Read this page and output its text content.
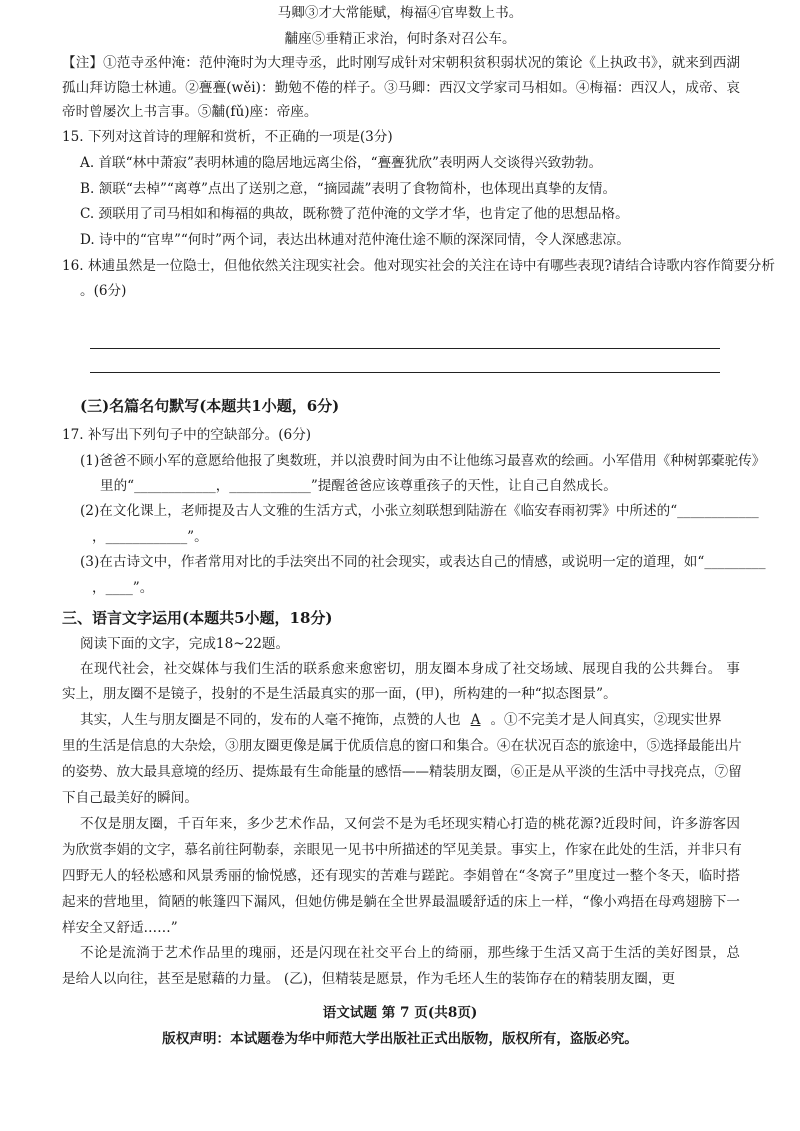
马卿③才大常能赋，梅福④官卑数上书。
黼座⑤垂精正求治，何时条对召公车。
【注】①范寺丞仲淹：范仲淹时为大理寺丞，此时刚写成针对宋朝积贫积弱状况的策论《上执政书》，就来到西湖
孤山拜访隐士林逋。②亹亹(wěi)：勤勉不倦的样子。③马卿：西汉文学家司马相如。④梅福：西汉人，成帝、哀
帝时曾屡次上书言事。⑤黼(fǔ)座：帝座。
15. 下列对这首诗的理解和赏析，不正确的一项是(3分)
A. 首联“林中萧寂”表明林逋的隐居地远离尘俗，“亹亹犹欣”表明两人交谈得兴致勃勃。
B. 颔联“去棹”“离尊”点出了送别之意，“摘园蔬”表明了食物简朴，也体现出真挚的友情。
C. 颈联用了司马相如和梅福的典故，既称赞了范仲淹的文学才华，也肯定了他的思想品格。
D. 诗中的“官卑”“何时”两个词，表达出林逋对范仲淹仕途不顺的深深同情，令人深感悲凉。
16. 林逋虽然是一位隐士，但他依然关注现实社会。他对现实社会的关注在诗中有哪些表现?请结合诗歌内容作简要分析
。(6分)
(三)名篇名句默写(本题共1小题，6分)
17. 补写出下列句子中的空缺部分。(6分)
(1)爸爸不顾小军的意愿给他报了奥数班，并以浪费时间为由不让他练习最喜欢的绘画。小军借用《种树郭橐驼传》
里的“____________，____________”提醒爸爸应该尊重孩子的天性，让自己自然成长。
(2)在文化课上，老师提及古人文雅的生活方式，小张立刻联想到陆游在《临安春雨初霁》中所述的“____________
，____________”。
(3)在古诗文中，作者常用对比的手法突出不同的社会现实，或表达自己的情感，或说明一定的道理，如“_________
，____”。
三、语言文字运用(本题共5小题，18分)
阅读下面的文字，完成18~22题。
在现代社会，社交媒体与我们生活的联系愈来愈密切，朋友圈本身成了社交场域、展现自我的公共舞台。 事
实上，朋友圈不是镜子，投射的不是生活最真实的那一面，(甲)，所构建的一种“拟态图景”。
其实，人生与朋友圈是不同的，发布的人毫不掩饰，点赞的人也 A 。①不完美才是人间真实，②现实世界
里的生活是信息的大杂烩，③朋友圈更像是属于优质信息的窗口和集合。④在状况百态的旅途中，⑤选择最能出片
的姿势、放大最具意境的经历、提炼最有生命能量的感悟——精装朋友圈，⑥正是从平淡的生活中寻找亮点，⑦留
下自己最美好的瞬间。
不仅是朋友圈，千百年来，多少艺术作品，又何尝不是为毛坯现实精心打造的桃花源?近段时间，许多游客因
为欣赏李娟的文字，慕名前往阿勒泰，亲眼见一见书中所描述的罕见美景。事实上，作家在此处的生活，并非只有
四野无人的轻松感和风景秀丽的愉悦感，还有现实的苦难与蹉跎。李娟曾在“冬窝子”里度过一整个冬天，临时搭
起来的营地里，简陋的帐篷四下漏风，但她仿佛是躺在全世界最温暖舒适的床上一样，“像小鸡捂在母鸡翅膀下一
样安全又舒适……”
不论是流淌于艺术作品里的瑰丽，还是闪现在社交平台上的绮丽，那些缘于生活又高于生活的美好图景，总
是给人以向往，甚至是慰藉的力量。 (乙)，但精装是愿景，作为毛坯人生的装饰存在的精装朋友圈，更
语文试题 第 7 页(共8页)
版权声明：本试题卷为华中师范大学出版社正式出版物，版权所有，盗版必究。
